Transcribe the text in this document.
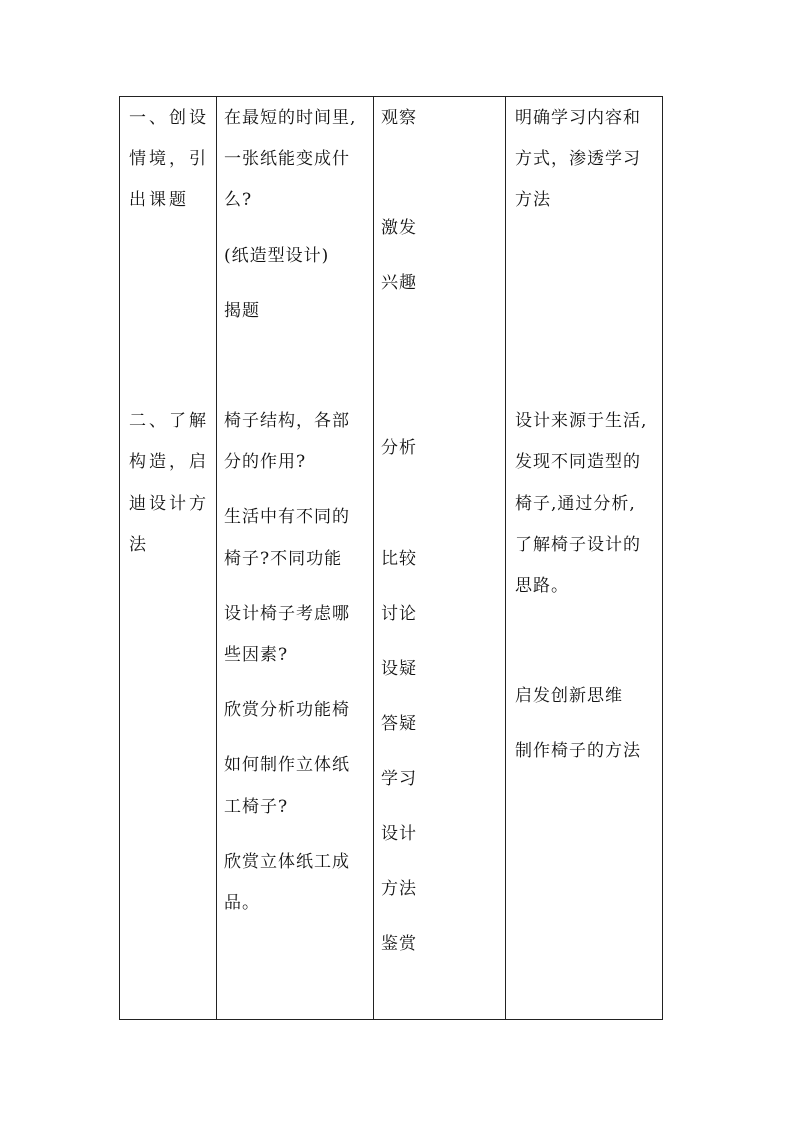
一、创设
情境，引
出课题
在最短的时间里,
一张纸能变成什
么?
(纸造型设计)
揭题
观察
激发
兴趣
明确学习内容和
方式，渗透学习
方法
二、了解
构造，启
迪设计方
法
椅子结构，各部
分的作用?
生活中有不同的
椅子?不同功能
设计椅子考虑哪
些因素?
欣赏分析功能椅
如何制作立体纸
工椅子?
欣赏立体纸工成
品。
分析
比较
讨论
设疑
答疑
学习
设计
方法
鉴赏
设计来源于生活,
发现不同造型的
椅子,通过分析,
了解椅子设计的
思路。
启发创新思维
制作椅子的方法
